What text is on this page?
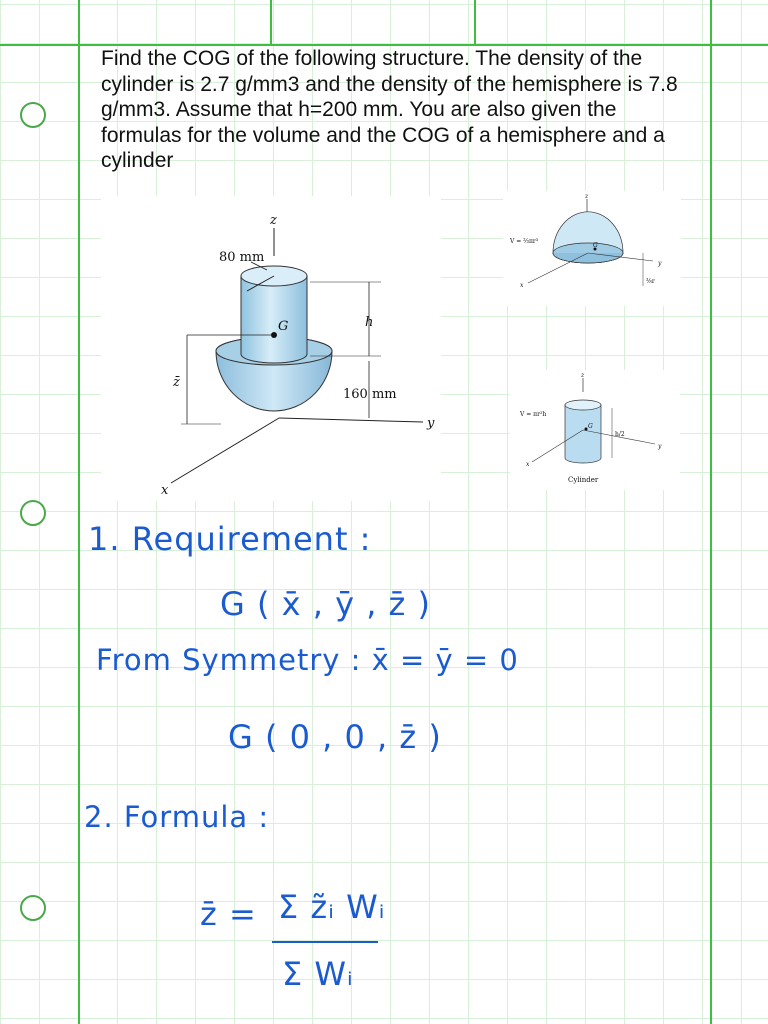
Find the COG of the following structure. The density of the cylinder is 2.7 g/mm3 and the density of the hemisphere is 7.8 g/mm3. Assume that h=200 mm. You are also given the formulas for the volume and the COG of a hemisphere and a cylinder
z
80 mm
G	h
z̄
160 mm
y
x
V = ⅔πr³
z
G
x
y
⅜r
V = πr²h
z
G
x
y
h/2
Cylinder
1. Requirement :
G ( x̄ , ȳ , z̄ )
From Symmetry : x̄ = ȳ = 0
G ( 0 , 0 , z̄ )
2. Formula :
z̄ = Σ z̃ᵢ Wᵢ
Σ Wᵢ
